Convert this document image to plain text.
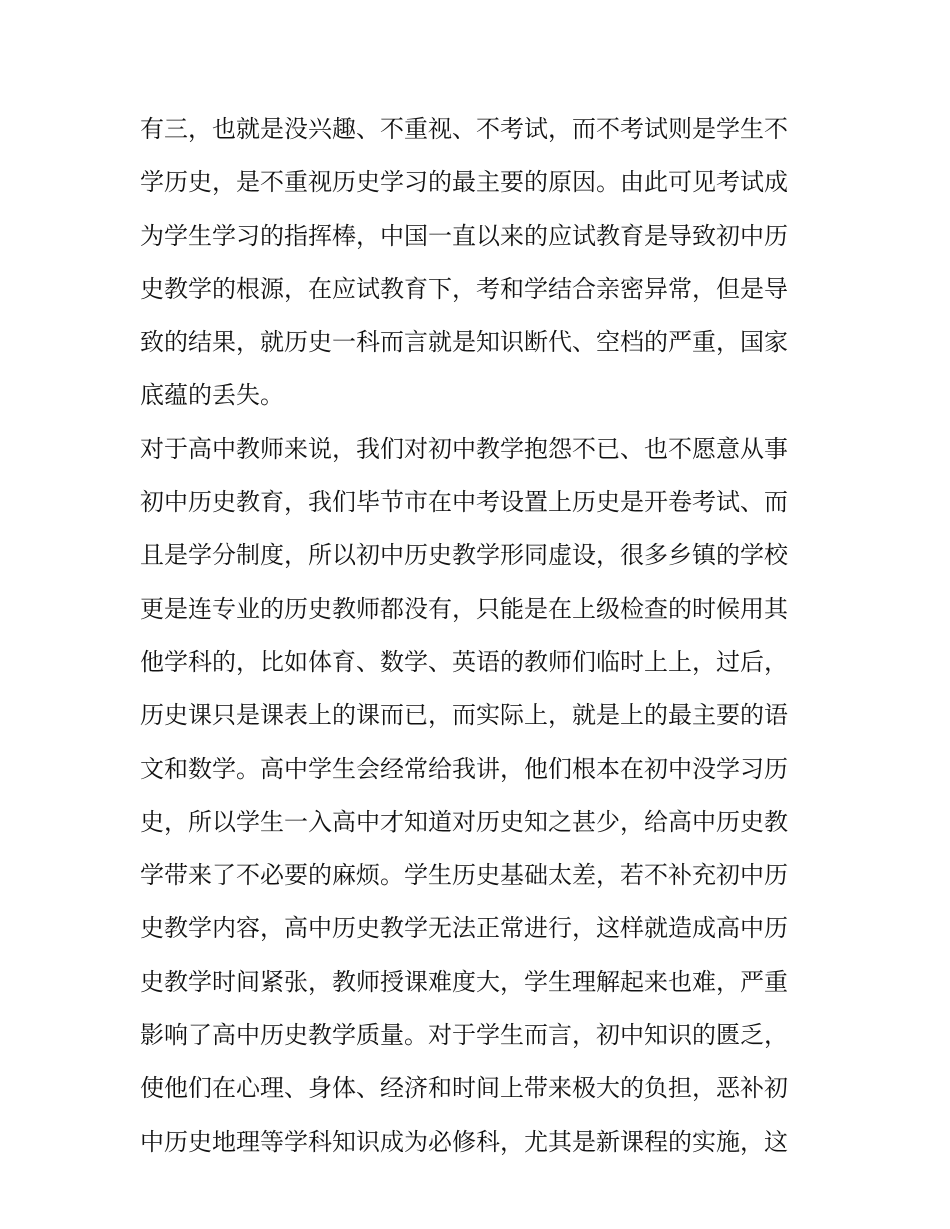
有三，也就是没兴趣、不重视、不考试，而不考试则是学生不
学历史，是不重视历史学习的最主要的原因。由此可见考试成
为学生学习的指挥棒，中国一直以来的应试教育是导致初中历
史教学的根源，在应试教育下，考和学结合亲密异常，但是导
致的结果，就历史一科而言就是知识断代、空档的严重，国家
底蕴的丢失。
对于高中教师来说，我们对初中教学抱怨不已、也不愿意从事
初中历史教育，我们毕节市在中考设置上历史是开卷考试、而
且是学分制度，所以初中历史教学形同虚设，很多乡镇的学校
更是连专业的历史教师都没有，只能是在上级检查的时候用其
他学科的，比如体育、数学、英语的教师们临时上上，过后，
历史课只是课表上的课而已，而实际上，就是上的最主要的语
文和数学。高中学生会经常给我讲，他们根本在初中没学习历
史，所以学生一入高中才知道对历史知之甚少，给高中历史教
学带来了不必要的麻烦。学生历史基础太差，若不补充初中历
史教学内容，高中历史教学无法正常进行，这样就造成高中历
史教学时间紧张，教师授课难度大，学生理解起来也难，严重
影响了高中历史教学质量。对于学生而言，初中知识的匮乏，
使他们在心理、身体、经济和时间上带来极大的负担，恶补初
中历史地理等学科知识成为必修科，尤其是新课程的实施，这
